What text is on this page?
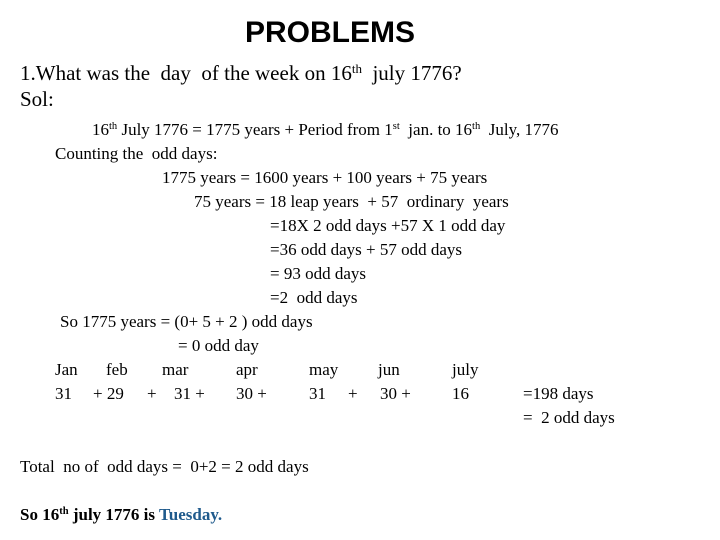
PROBLEMS
1.What was the  day  of the week on 16th  july 1776?
Sol:
16th July 1776 = 1775 years + Period from 1st  jan. to 16th  July, 1776
Counting the  odd days:
1775 years = 1600 years + 100 years + 75 years
75 years = 18 leap years  + 57  ordinary  years
=18X 2 odd days +57 X 1 odd day
=36 odd days + 57 odd days
= 93 odd days
=2  odd days
So 1775 years = (0+ 5 + 2 ) odd days
= 0 odd day
Jan feb mar	apr	may jun	july
31 + 29 + 31 + 30 + 31 + 30 + 16	=198 days
=  2 odd days
Total  no of  odd days =  0+2 = 2 odd days
So 16th july 1776 is Tuesday.
